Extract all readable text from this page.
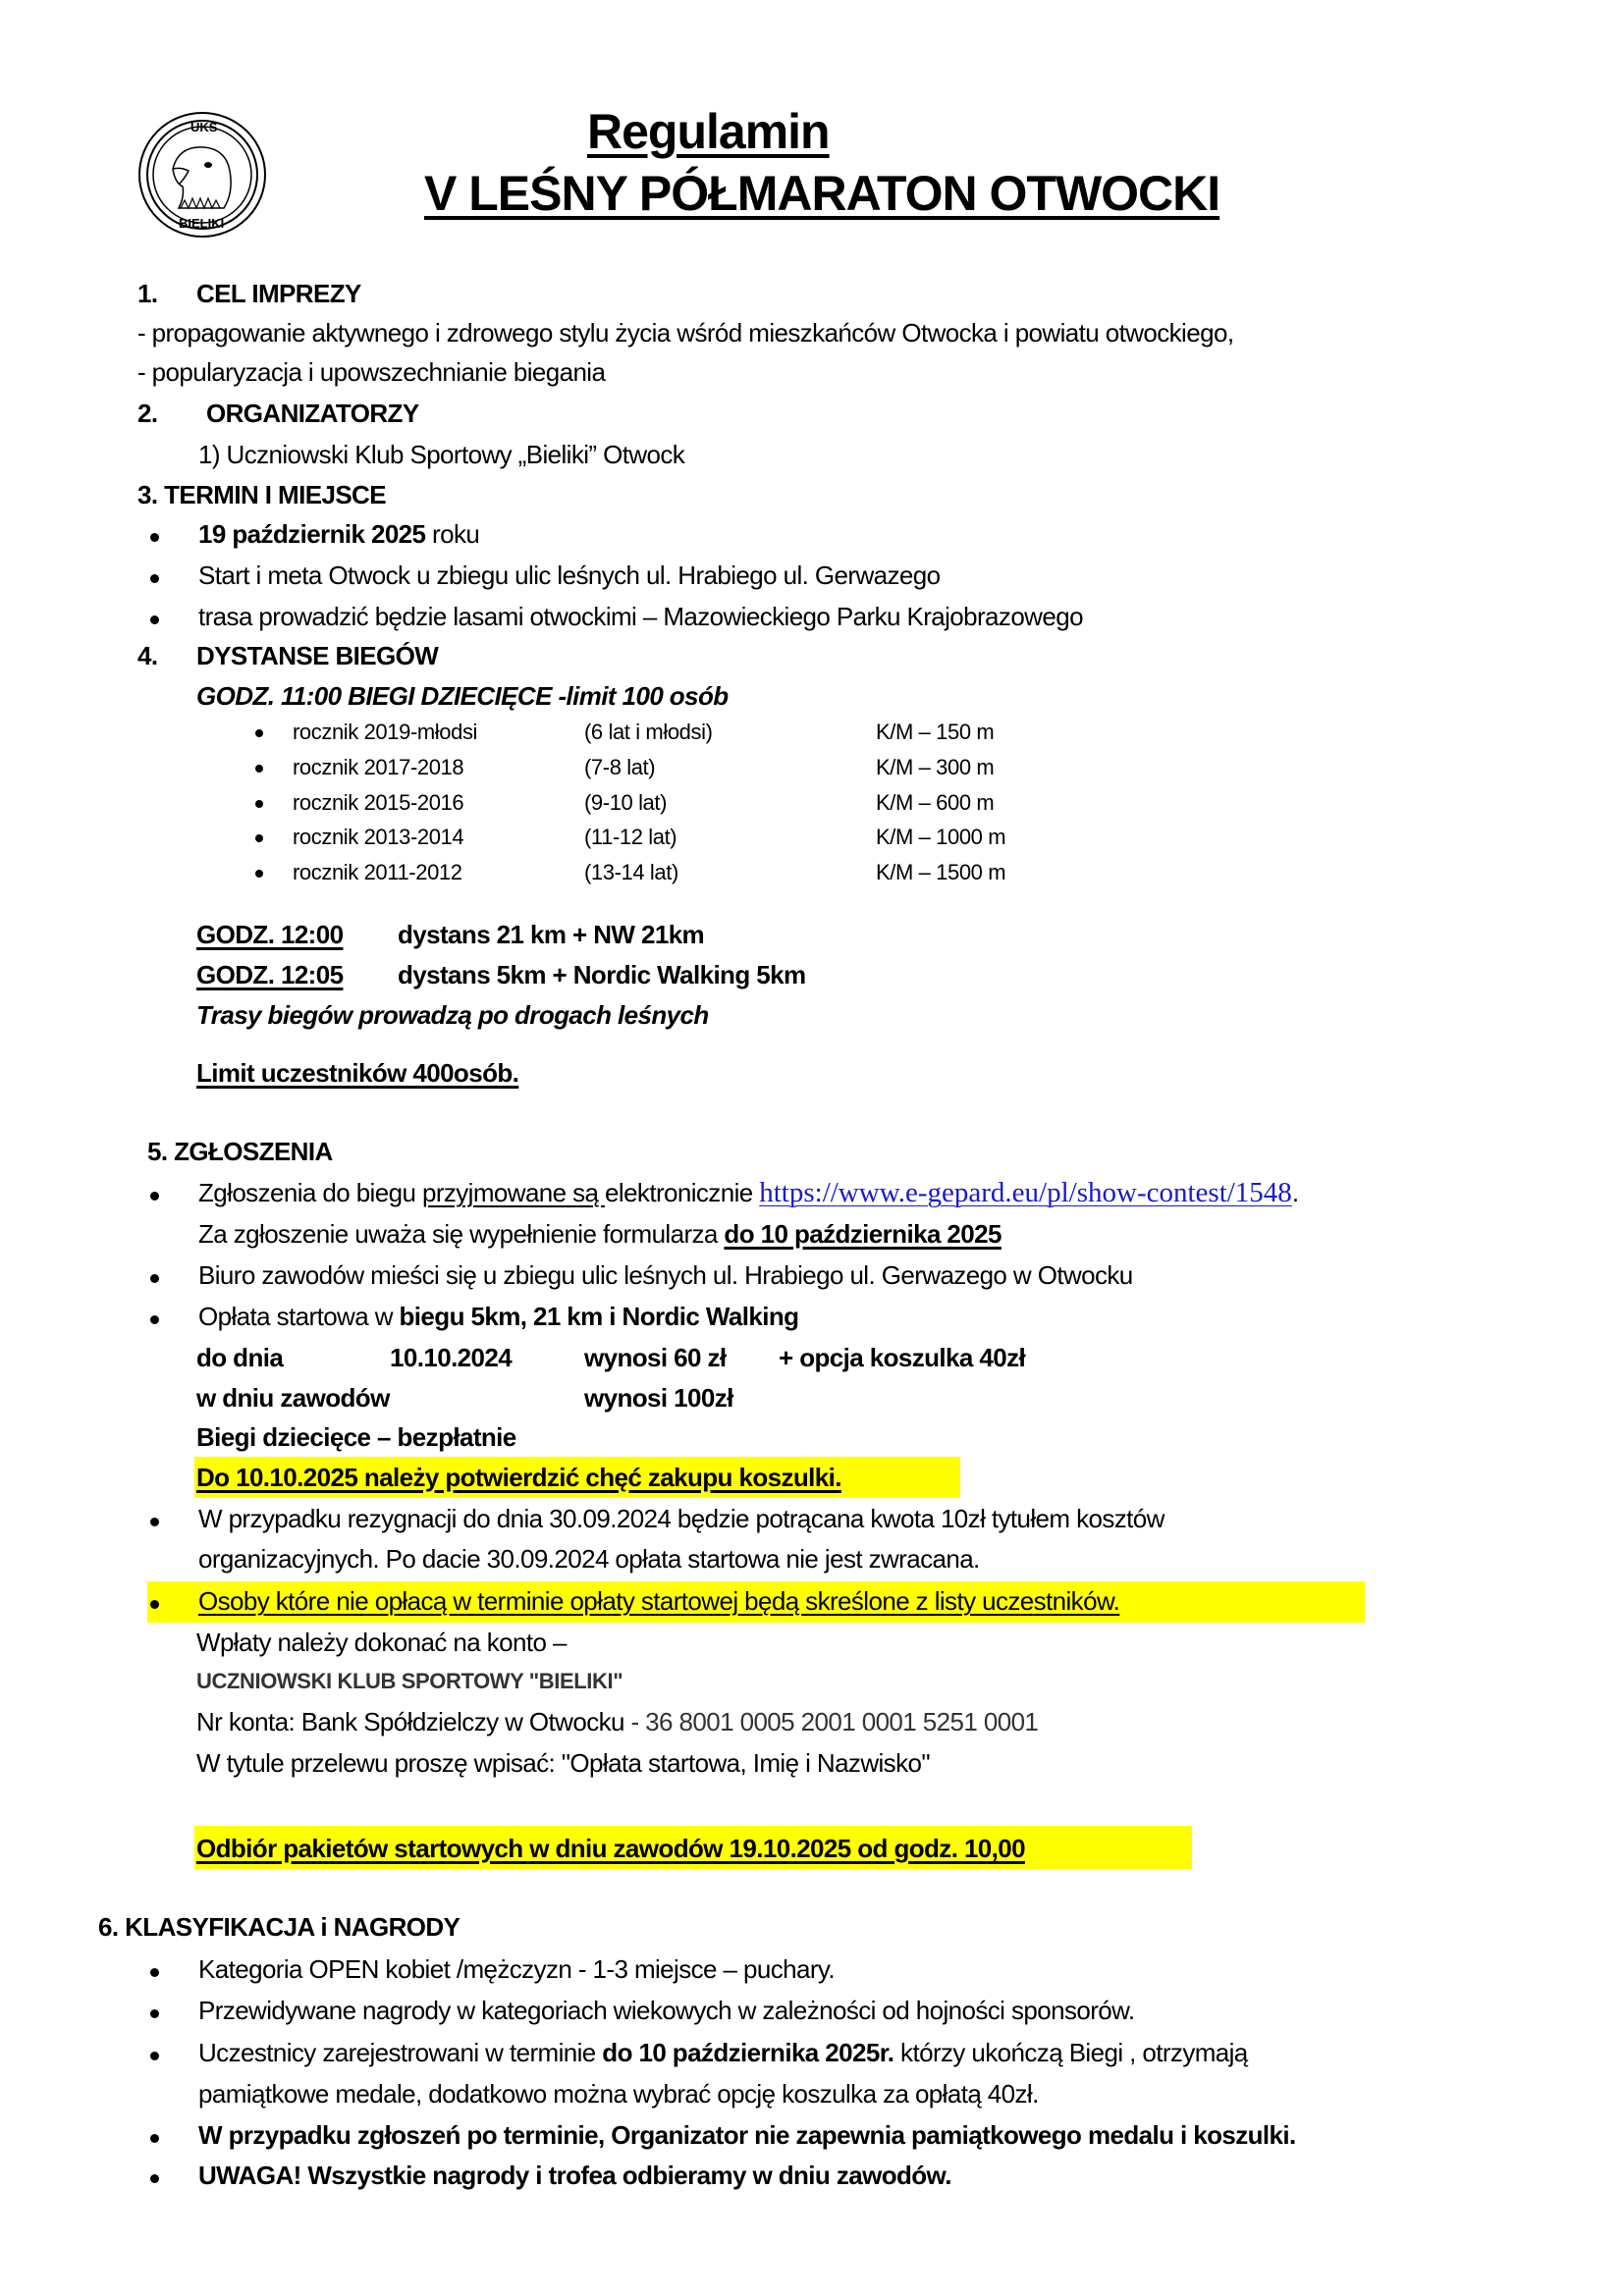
UKS
BIELIKI
Regulamin
V LEŚNY PÓŁMARATON OTWOCKI
1. CEL IMPREZY
- propagowanie aktywnego i zdrowego stylu życia wśród mieszkańców Otwocka i powiatu otwockiego,
- popularyzacja i upowszechnianie biegania
2. ORGANIZATORZY
1) Uczniowski Klub Sportowy „Bieliki” Otwock
3. TERMIN I MIEJSCE
19 październik 2025 roku
Start i meta Otwock u zbiegu ulic leśnych ul. Hrabiego ul. Gerwazego
trasa prowadzić będzie lasami otwockimi – Mazowieckiego Parku Krajobrazowego
4. DYSTANSE BIEGÓW
GODZ. 11:00 BIEGI DZIECIĘCE -limit 100 osób
rocznik 2019-młodsi	(6 lat i młodsi)	K/M – 150 m
rocznik 2017-2018	(7-8 lat)	K/M – 300 m
rocznik 2015-2016	(9-10 lat)	K/M – 600 m
rocznik 2013-2014	(11-12 lat)	K/M – 1000 m
rocznik 2011-2012	(13-14 lat)	K/M – 1500 m
GODZ. 12:00 dystans 21 km + NW 21km
GODZ. 12:05 dystans 5km + Nordic Walking 5km
Trasy biegów prowadzą po drogach leśnych
Limit uczestników 400osób.
5. ZGŁOSZENIA
Zgłoszenia do biegu przyjmowane są elektronicznie https://www.e-gepard.eu/pl/show-contest/1548.
Za zgłoszenie uważa się wypełnienie formularza do 10 października 2025
Biuro zawodów mieści się u zbiegu ulic leśnych ul. Hrabiego ul. Gerwazego w Otwocku
Opłata startowa w biegu 5km, 21 km i Nordic Walking
do dnia	10.10.2024	wynosi 60 zł + opcja koszulka 40zł
w dniu zawodów	wynosi 100zł
Biegi dziecięce – bezpłatnie
Do 10.10.2025 należy potwierdzić chęć zakupu koszulki.
W przypadku rezygnacji do dnia 30.09.2024 będzie potrącana kwota 10zł tytułem kosztów
organizacyjnych. Po dacie 30.09.2024 opłata startowa nie jest zwracana.
Osoby które nie opłacą w terminie opłaty startowej będą skreślone z listy uczestników.
Wpłaty należy dokonać na konto –
UCZNIOWSKI KLUB SPORTOWY "BIELIKI"
Nr konta: Bank Spółdzielczy w Otwocku - 36 8001 0005 2001 0001 5251 0001
W tytule przelewu proszę wpisać: "Opłata startowa, Imię i Nazwisko"
Odbiór pakietów startowych w dniu zawodów 19.10.2025 od godz. 10,00
6. KLASYFIKACJA i NAGRODY
Kategoria OPEN kobiet /mężczyzn - 1-3 miejsce – puchary.
Przewidywane nagrody w kategoriach wiekowych w zależności od hojności sponsorów.
Uczestnicy zarejestrowani w terminie do 10 października 2025r. którzy ukończą Biegi , otrzymają
pamiątkowe medale, dodatkowo można wybrać opcję koszulka za opłatą 40zł.
W przypadku zgłoszeń po terminie, Organizator nie zapewnia pamiątkowego medalu i koszulki.
UWAGA! Wszystkie nagrody i trofea odbieramy w dniu zawodów.
